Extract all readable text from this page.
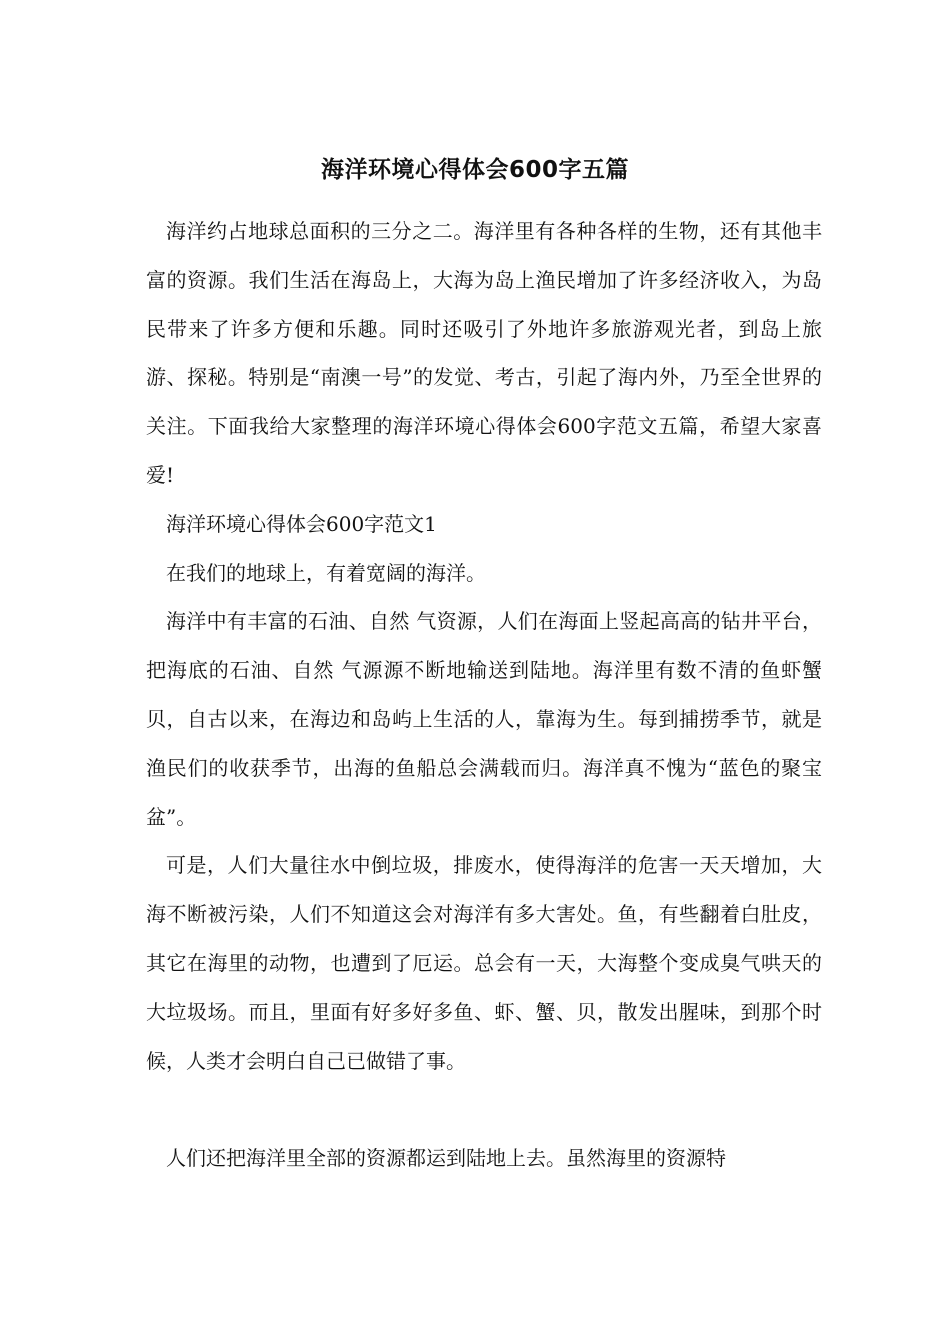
海洋环境心得体会600字五篇

海洋约占地球总面积的三分之二。海洋里有各种各样的生物，还有其他丰富的资源。我们生活在海岛上，大海为岛上渔民增加了许多经济收入，为岛民带来了许多方便和乐趣。同时还吸引了外地许多旅游观光者，到岛上旅游、探秘。特别是“南澳一号”的发觉、考古，引起了海内外，乃至全世界的关注。下面我给大家整理的海洋环境心得体会600字范文五篇，希望大家喜爱!

海洋环境心得体会600字范文1

在我们的地球上，有着宽阔的海洋。

海洋中有丰富的石油、自然 气资源，人们在海面上竖起高高的钻井平台，把海底的石油、自然 气源源不断地输送到陆地。海洋里有数不清的鱼虾蟹贝，自古以来，在海边和岛屿上生活的人，靠海为生。每到捕捞季节，就是渔民们的收获季节，出海的鱼船总会满载而归。海洋真不愧为“蓝色的聚宝盆”。

可是，人们大量往水中倒垃圾，排废水，使得海洋的危害一天天增加，大海不断被污染，人们不知道这会对海洋有多大害处。鱼，有些翻着白肚皮，其它在海里的动物，也遭到了厄运。总会有一天，大海整个变成臭气哄天的大垃圾场。而且，里面有好多好多鱼、虾、蟹、贝，散发出腥味，到那个时候，人类才会明白自己已做错了事。

人们还把海洋里全部的资源都运到陆地上去。虽然海里的资源特
